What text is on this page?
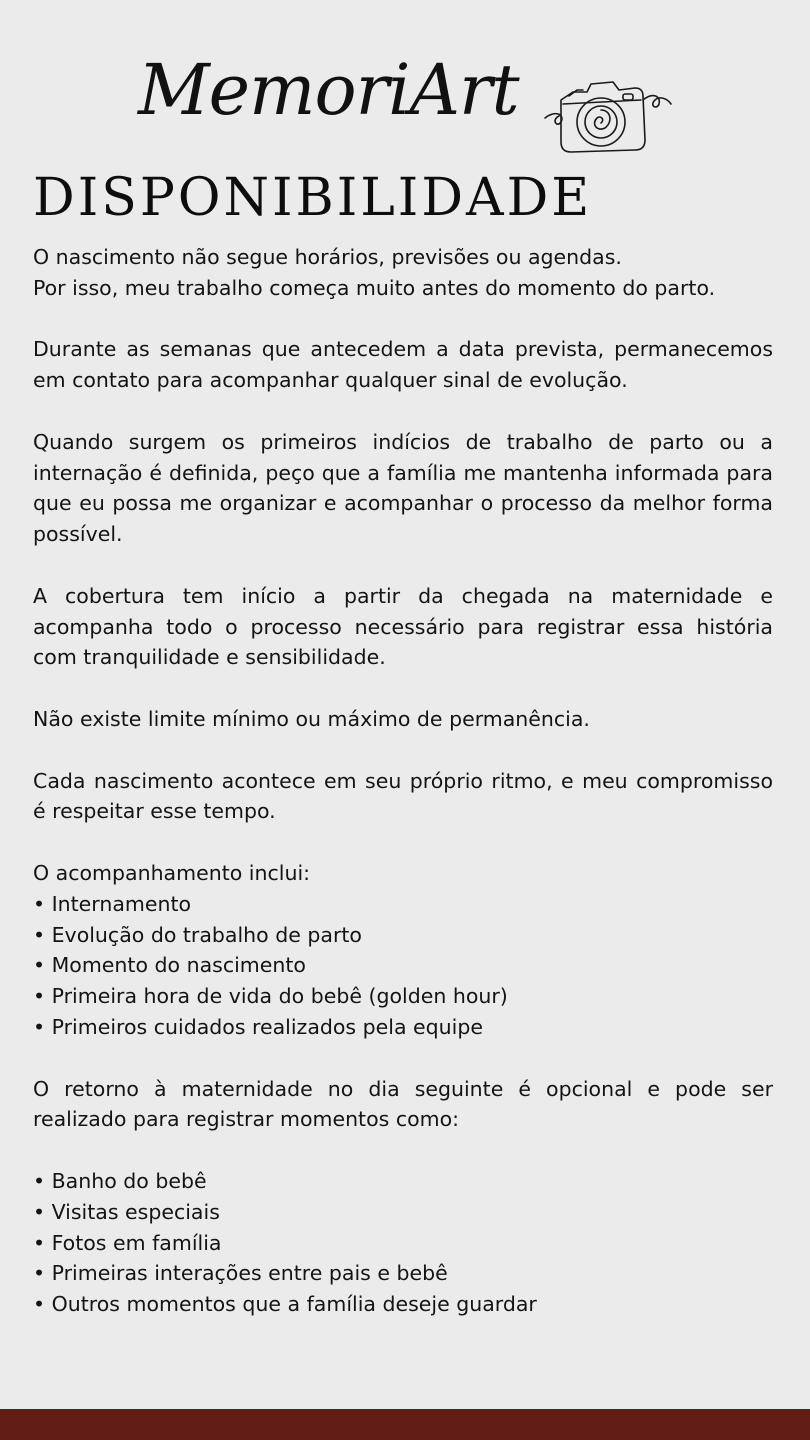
MemoriArt
DISPONIBILIDADE

O nascimento não segue horários, previsões ou agendas.
Por isso, meu trabalho começa muito antes do momento do parto.

Durante as semanas que antecedem a data prevista, permanecemos em contato para acompanhar qualquer sinal de evolução.

Quando surgem os primeiros indícios de trabalho de parto ou a internação é definida, peço que a família me mantenha informada para que eu possa me organizar e acompanhar o processo da melhor forma possível.

A cobertura tem início a partir da chegada na maternidade e acompanha todo o processo necessário para registrar essa história com tranquilidade e sensibilidade.

Não existe limite mínimo ou máximo de permanência.

Cada nascimento acontece em seu próprio ritmo, e meu compromisso é respeitar esse tempo.

O acompanhamento inclui:
• Internamento
• Evolução do trabalho de parto
• Momento do nascimento
• Primeira hora de vida do bebê (golden hour)
• Primeiros cuidados realizados pela equipe

O retorno à maternidade no dia seguinte é opcional e pode ser realizado para registrar momentos como:

• Banho do bebê
• Visitas especiais
• Fotos em família
• Primeiras interações entre pais e bebê
• Outros momentos que a família deseje guardar
